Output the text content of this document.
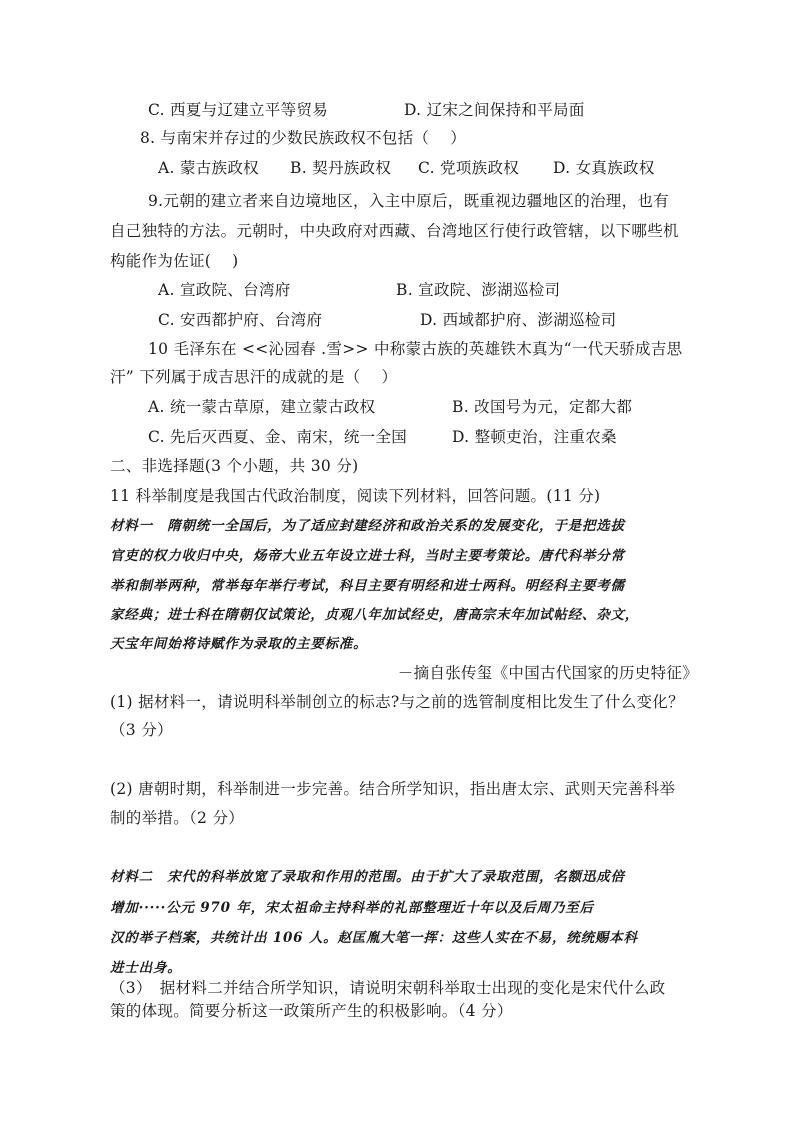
C. 西夏与辽建立平等贸易	D. 辽宋之间保持和平局面
8. 与南宋并存过的少数民族政权不包括（　 ）
A. 蒙古族政权 B. 契丹族政权 C. 党项族政权 D. 女真族政权
9.元朝的建立者来自边境地区，入主中原后，既重视边疆地区的治理，也有
自己独特的方法。元朝时，中央政府对西藏、台湾地区行使行政管辖，以下哪些机
构能作为佐证(　 )
A. 宣政院、台湾府	B. 宣政院、澎湖巡检司
C. 安西都护府、台湾府	D. 西域都护府、澎湖巡检司
10 毛泽东在 <<沁园春 .雪>> 中称蒙古族的英雄铁木真为“一代天骄成吉思
汗” 下列属于成吉思汗的成就的是（　 ）
A. 统一蒙古草原，建立蒙古政权	B. 改国号为元，定都大都
C. 先后灭西夏、金、南宋，统一全国	D. 整顿吏治，注重农桑
二、非选择题(3 个小题，共 30 分)
11 科举制度是我国古代政治制度，阅读下列材料，回答问题。(11 分)
材料一　隋朝统一全国后，为了适应封建经济和政治关系的发展变化，于是把选拔
官吏的权力收归中央，炀帝大业五年设立进士科，当时主要考策论。唐代科举分常
举和制举两种，常举每年举行考试，科目主要有明经和进士两科。明经科主要考儒
家经典；进士科在隋朝仅试策论，贞观八年加试经史，唐高宗末年加试帖经、杂文，
天宝年间始将诗赋作为录取的主要标准。
－摘自张传玺《中国古代国家的历史特征》
(1) 据材料一，请说明科举制创立的标志?与之前的选管制度相比发生了什么变化？
（3 分）
(2) 唐朝时期，科举制进一步完善。结合所学知识，指出唐太宗、武则天完善科举
制的举措。（2 分）
材料二　宋代的科举放宽了录取和作用的范围。由于扩大了录取范围，名额迅成倍
增加·····公元 970 年，宋太祖命主持科举的礼部整理近十年以及后周乃至后
汉的举子档案，共统计出 106 人。赵匡胤大笔一挥：这些人实在不易，统统赐本科
进士出身。
（3）　据材料二并结合所学知识，请说明宋朝科举取士出现的变化是宋代什么政
策的体现。简要分析这一政策所产生的积极影响。（4 分）
